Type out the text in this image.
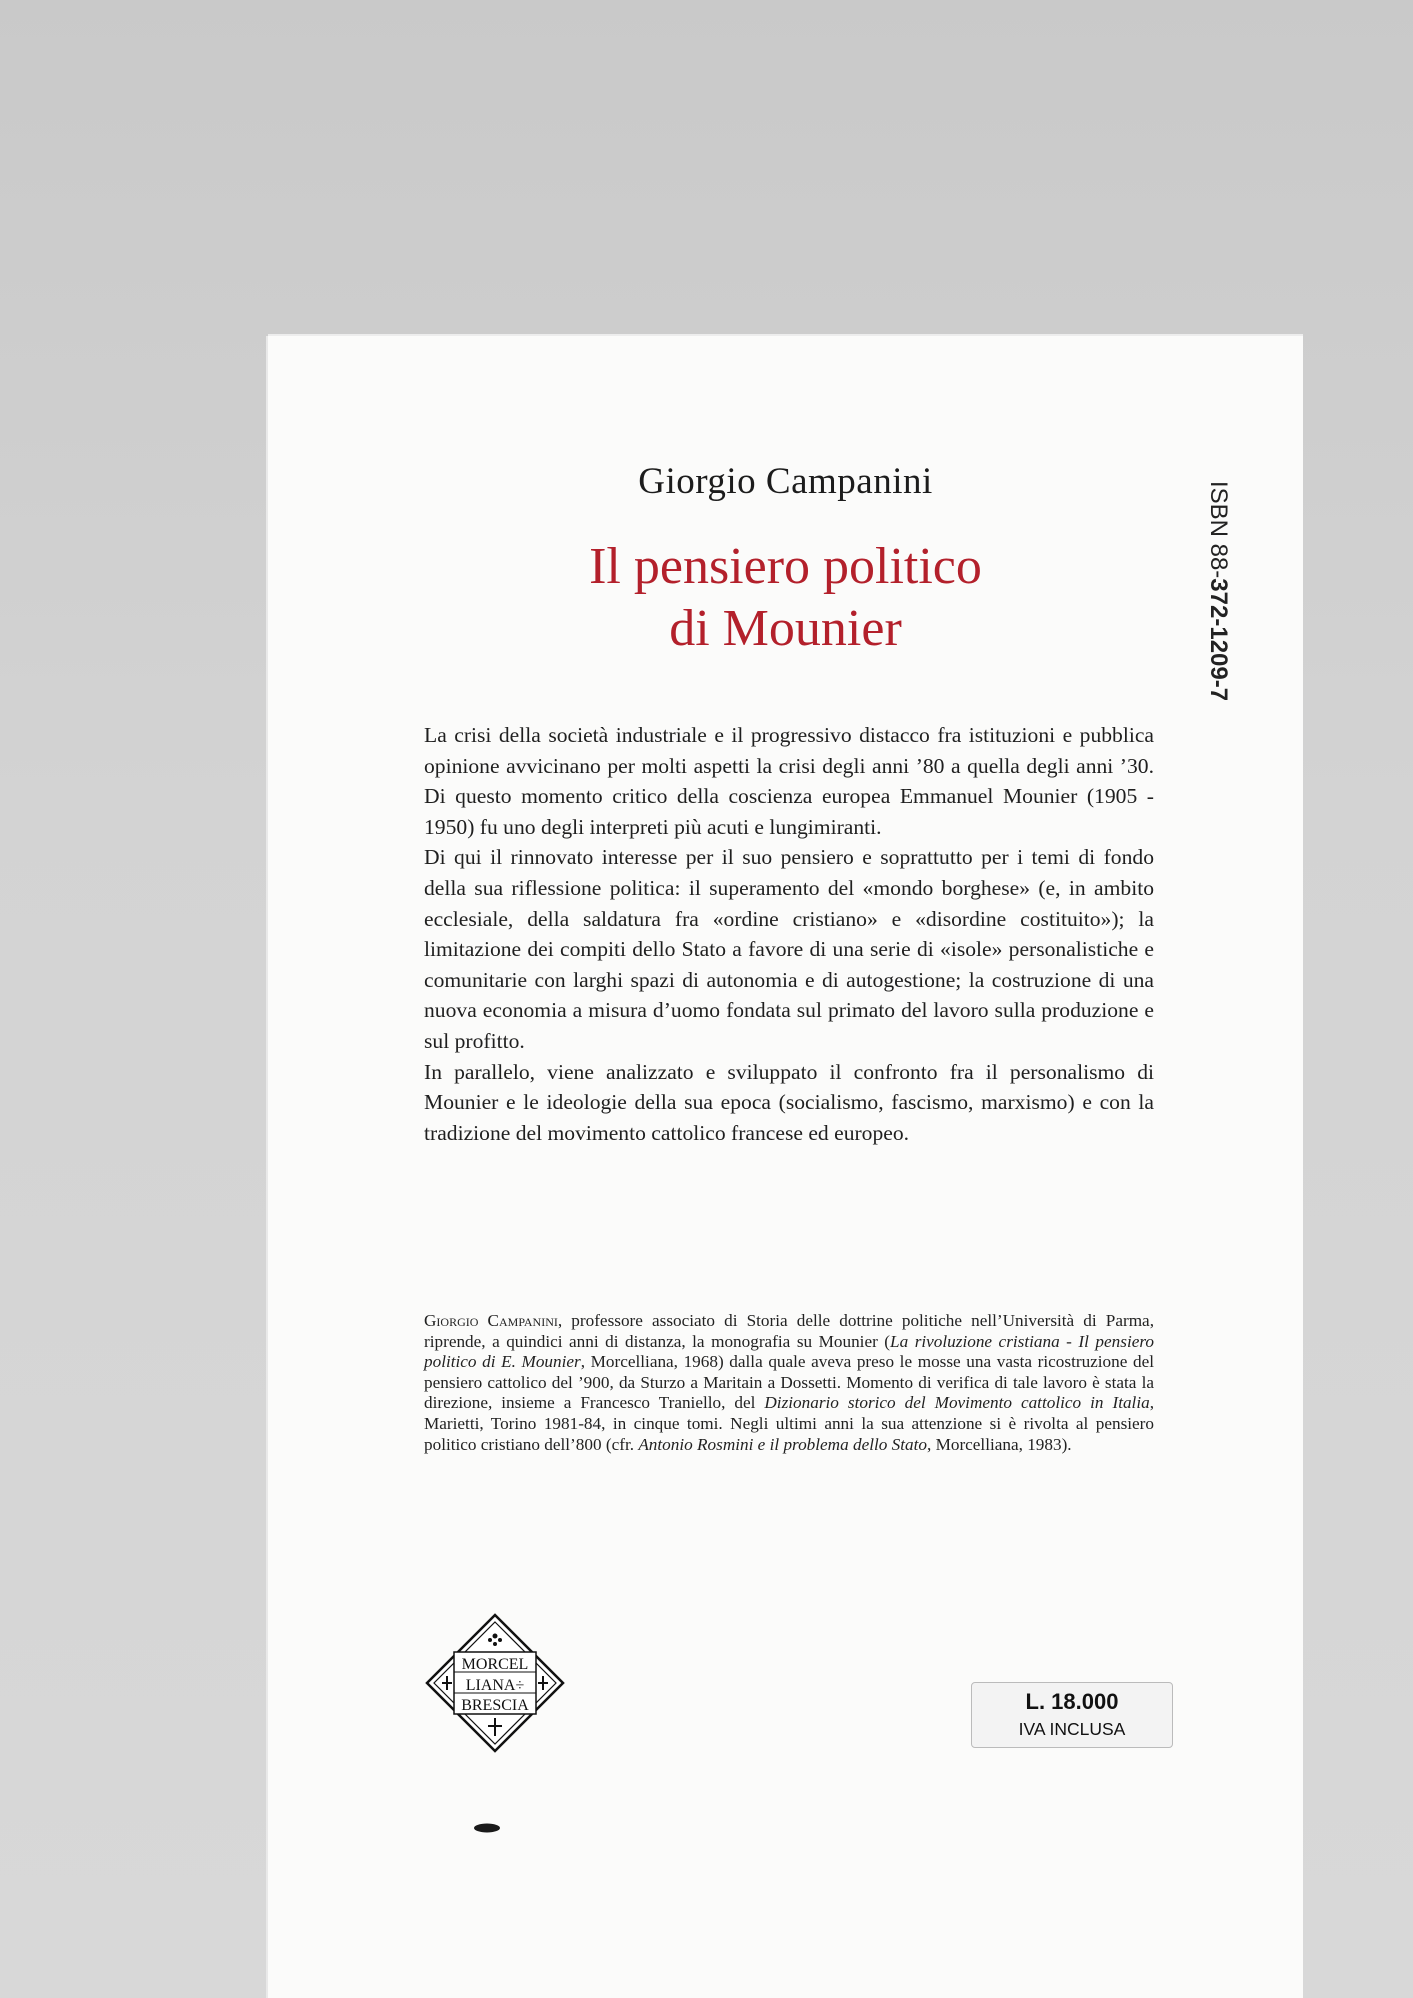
Giorgio Campanini
Il pensiero politico
di Mounier
ISBN 88-372-1209-7

La crisi della società industriale e il progressivo distacco fra istituzioni e pubblica opinione avvicinano per molti aspetti la crisi degli anni ’80 a quella degli anni ’30. Di questo momento critico della coscienza europea Emmanuel Mounier (1905 - 1950) fu uno degli interpreti più acuti e lungimiranti.

Di qui il rinnovato interesse per il suo pensiero e soprattutto per i temi di fondo della sua riflessione politica: il superamento del «mondo borghese» (e, in ambito ecclesiale, della saldatura fra «ordine cristiano» e «disordine costituito»); la limitazione dei compiti dello Stato a favore di una serie di «isole» personalistiche e comunitarie con larghi spazi di autonomia e di autogestione; la costruzione di una nuova economia a misura d’uomo fondata sul primato del lavoro sulla produzione e sul profitto.

In parallelo, viene analizzato e sviluppato il confronto fra il personalismo di Mounier e le ideologie della sua epoca (socialismo, fascismo, marxismo) e con la tradizione del movimento cattolico francese ed europeo.

Giorgio Campanini, professore associato di Storia delle dottrine politiche nell’Università di Parma, riprende, a quindici anni di distanza, la monografia su Mounier (La rivoluzione cristiana - Il pensiero politico di E. Mounier, Morcelliana, 1968) dalla quale aveva preso le mosse una vasta ricostruzione del pensiero cattolico del ’900, da Sturzo a Maritain a Dossetti. Momento di verifica di tale lavoro è stata la direzione, insieme a Francesco Traniello, del Dizionario storico del Movimento cattolico in Italia, Marietti, Torino 1981-84, in cinque tomi. Negli ultimi anni la sua attenzione si è rivolta al pensiero politico cristiano dell’800 (cfr. Antonio Rosmini e il problema dello Stato, Morcelliana, 1983).
MORCEL
LIANA÷
BRESCIA	L. 18.000
IVA INCLUSA
